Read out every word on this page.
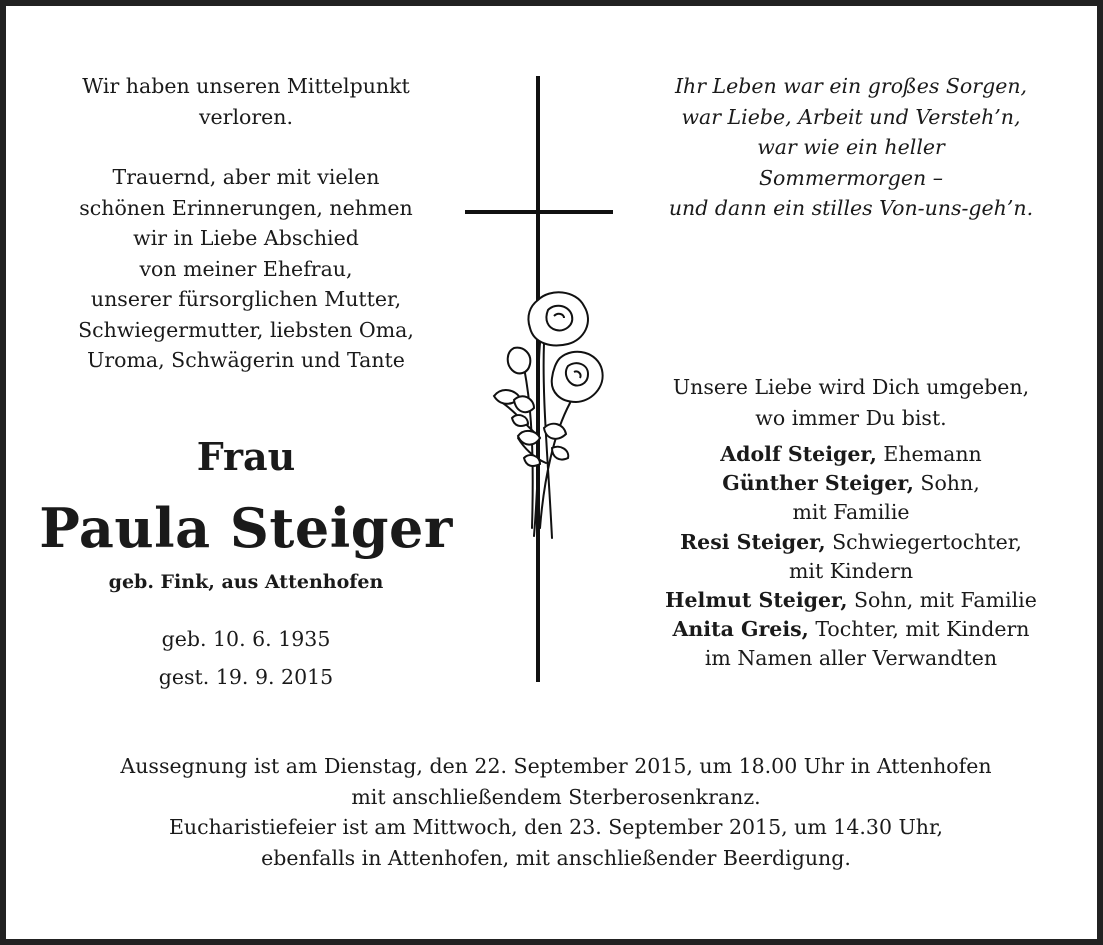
Wir haben unseren Mittelpunkt verloren.

Trauernd, aber mit vielen

schönen Erinnerungen, nehmen

wir in Liebe Abschied

von meiner Ehefrau,

unserer fürsorglichen Mutter,

Schwiegermutter, liebsten Oma,

Uroma, Schwägerin und Tante

Frau

Paula Steiger

geb. Fink, aus Attenhofen

geb. 10. 6. 1935

gest. 19. 9. 2015

Ihr Leben war ein großes Sorgen,

war Liebe, Arbeit und Versteh’n,

war wie ein heller

Sommermorgen –

und dann ein stilles Von-uns-geh’n.

Unsere Liebe wird Dich umgeben,

wo immer Du bist.

Adolf Steiger, Ehemann

Günther Steiger, Sohn,

mit Familie

Resi Steiger, Schwiegertochter,

mit Kindern

Helmut Steiger, Sohn, mit Familie

Anita Greis, Tochter, mit Kindern

im Namen aller Verwandten

Aussegnung ist am Dienstag, den 22. September 2015, um 18.00 Uhr in Attenhofen

mit anschließendem Sterberosenkranz.

Eucharistiefeier ist am Mittwoch, den 23. September 2015, um 14.30 Uhr,

ebenfalls in Attenhofen, mit anschließender Beerdigung.
